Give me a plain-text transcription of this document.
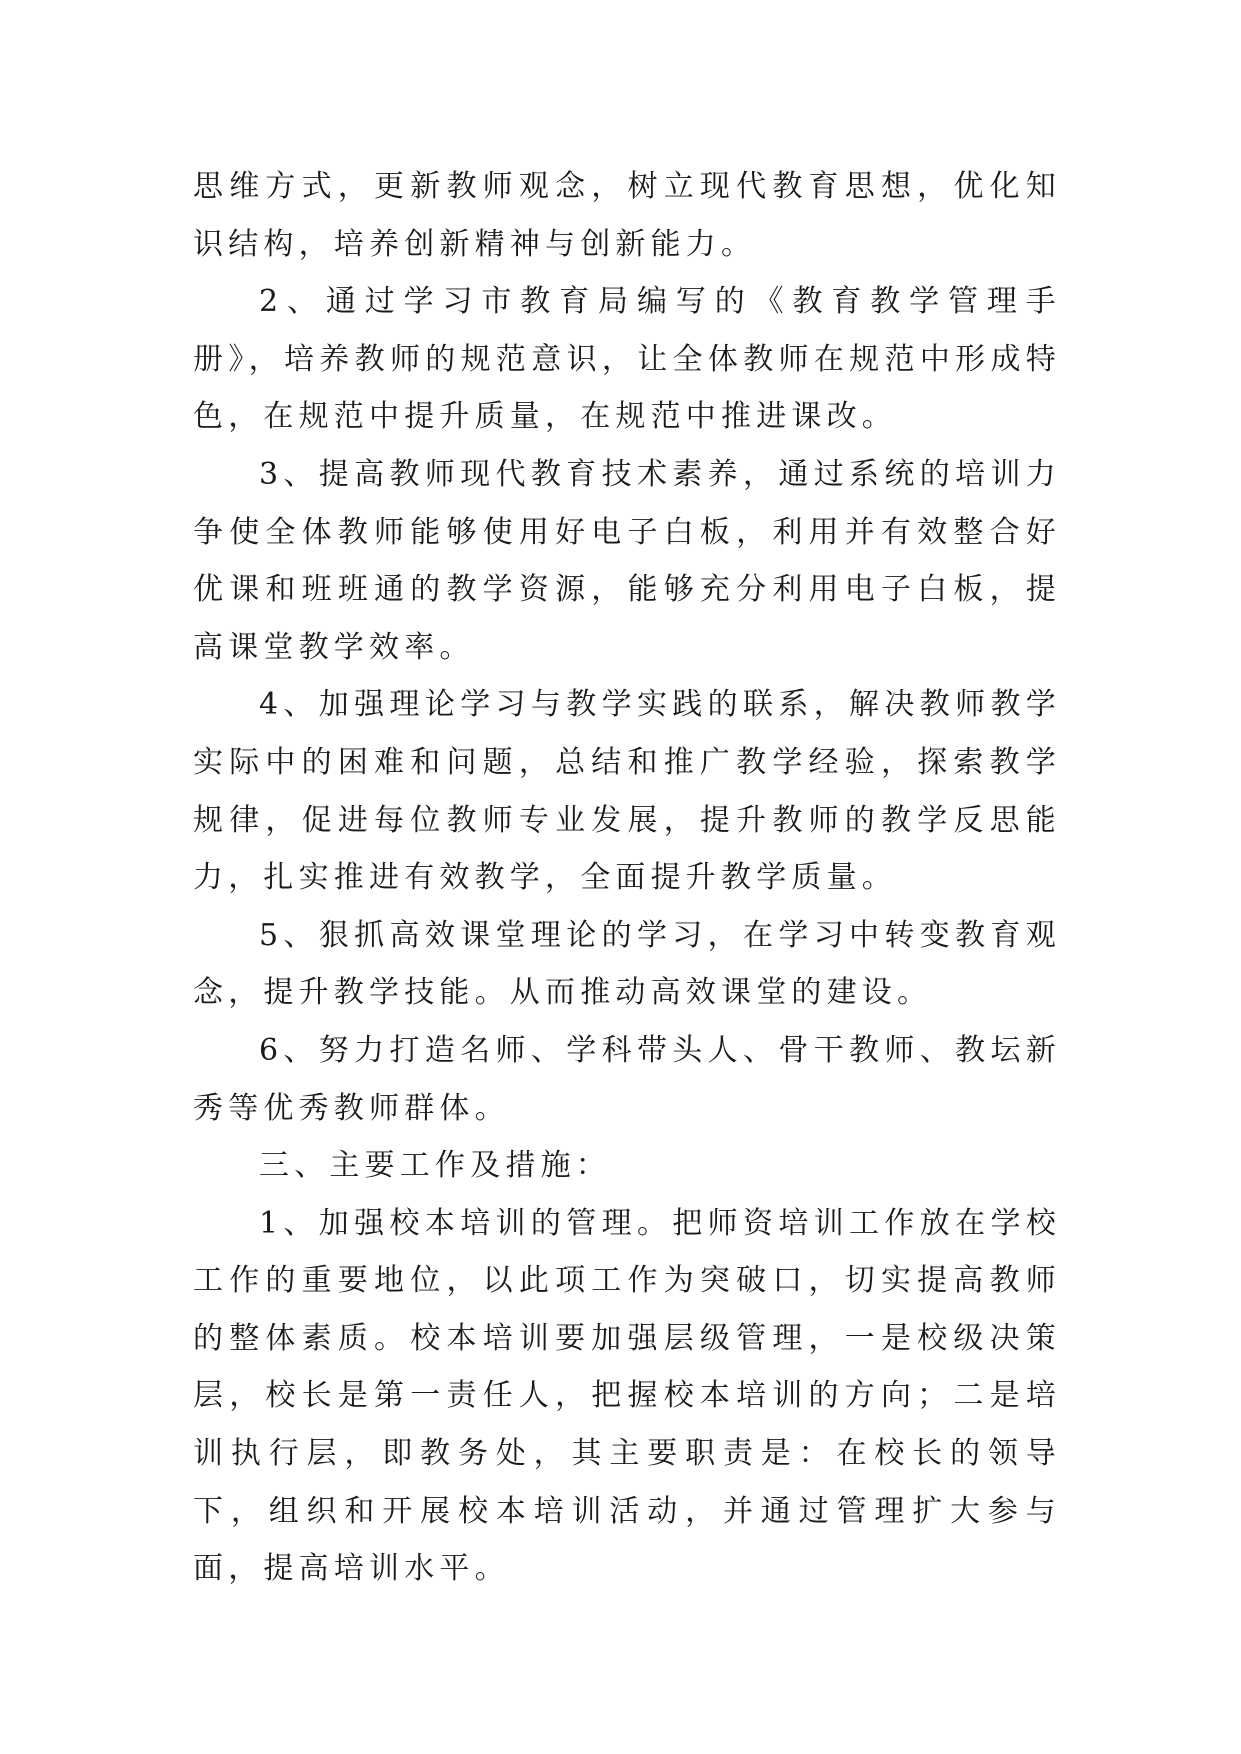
思维方式，更新教师观念，树立现代教育思想，优化知识结构，培养创新精神与创新能力。

2、通过学习市教育局编写的《教育教学管理手册》，培养教师的规范意识，让全体教师在规范中形成特色，在规范中提升质量，在规范中推进课改。

3、提高教师现代教育技术素养，通过系统的培训力争使全体教师能够使用好电子白板，利用并有效整合好优课和班班通的教学资源，能够充分利用电子白板，提高课堂教学效率。

4、加强理论学习与教学实践的联系，解决教师教学实际中的困难和问题，总结和推广教学经验，探索教学规律，促进每位教师专业发展，提升教师的教学反思能力，扎实推进有效教学，全面提升教学质量。

5、狠抓高效课堂理论的学习，在学习中转变教育观念，提升教学技能。从而推动高效课堂的建设。

6、努力打造名师、学科带头人、骨干教师、教坛新秀等优秀教师群体。

三、主要工作及措施：

1、加强校本培训的管理。把师资培训工作放在学校工作的重要地位，以此项工作为突破口，切实提高教师的整体素质。校本培训要加强层级管理，一是校级决策层，校长是第一责任人，把握校本培训的方向；二是培训执行层，即教务处，其主要职责是：在校长的领导下，组织和开展校本培训活动，并通过管理扩大参与面，提高培训水平。
